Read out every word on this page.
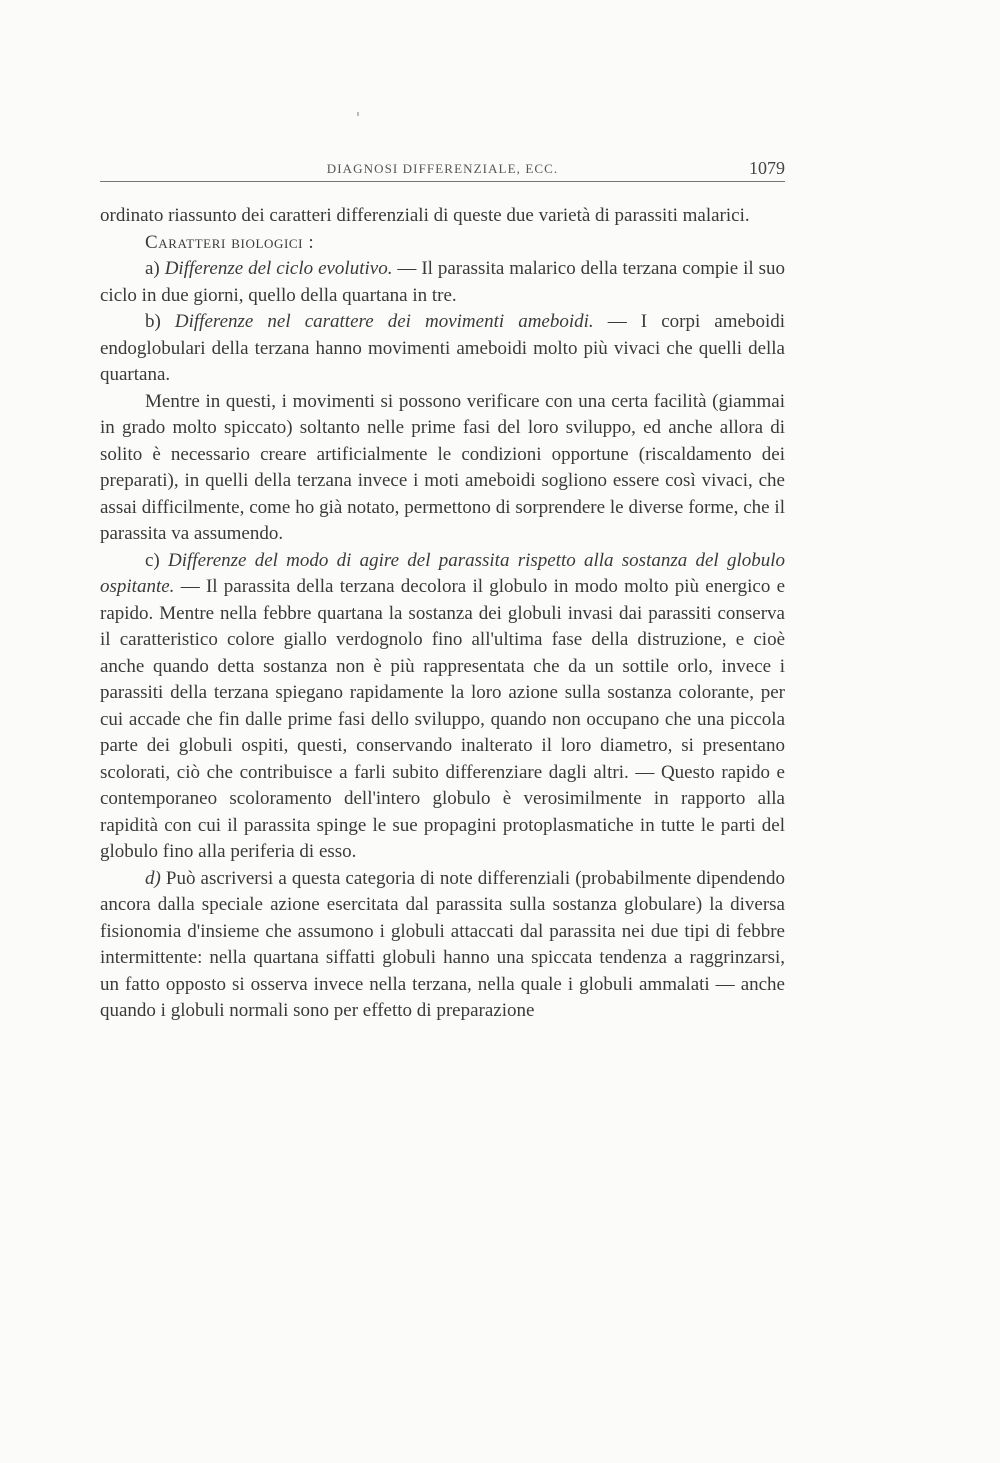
DIAGNOSI DIFFERENZIALE, ECC.	1079

ordinato riassunto dei caratteri differenziali di queste due varietà di parassiti malarici.

Caratteri biologici :

a) Differenze del ciclo evolutivo. — Il parassita malarico della terzana compie il suo ciclo in due giorni, quello della quartana in tre.

b) Differenze nel carattere dei movimenti ameboidi. — I corpi ameboidi endoglobulari della terzana hanno movimenti ameboidi molto più vivaci che quelli della quartana.

Mentre in questi, i movimenti si possono verificare con una certa facilità (giammai in grado molto spiccato) soltanto nelle prime fasi del loro sviluppo, ed anche allora di solito è necessario creare artificialmente le condizioni opportune (riscaldamento dei preparati), in quelli della terzana invece i moti ameboidi sogliono essere così vivaci, che assai difficilmente, come ho già notato, permettono di sorprendere le diverse forme, che il parassita va assumendo.

c) Differenze del modo di agire del parassita rispetto alla sostanza del globulo ospitante. — Il parassita della terzana decolora il globulo in modo molto più energico e rapido. Mentre nella febbre quartana la sostanza dei globuli invasi dai parassiti conserva il caratteristico colore giallo verdognolo fino all'ultima fase della distruzione, e cioè anche quando detta sostanza non è più rappresentata che da un sottile orlo, invece i parassiti della terzana spiegano rapidamente la loro azione sulla sostanza colorante, per cui accade che fin dalle prime fasi dello sviluppo, quando non occupano che una piccola parte dei globuli ospiti, questi, conservando inalterato il loro diametro, si presentano scolorati, ciò che contribuisce a farli subito differenziare dagli altri. — Questo rapido e contemporaneo scoloramento dell'intero globulo è verosimilmente in rapporto alla rapidità con cui il parassita spinge le sue propagini protoplasmatiche in tutte le parti del globulo fino alla periferia di esso.

d) Può ascriversi a questa categoria di note differenziali (probabilmente dipendendo ancora dalla speciale azione esercitata dal parassita sulla sostanza globulare) la diversa fisionomia d'insieme che assumono i globuli attaccati dal parassita nei due tipi di febbre intermittente: nella quartana siffatti globuli hanno una spiccata tendenza a raggrinzarsi, un fatto opposto si osserva invece nella terzana, nella quale i globuli ammalati — anche quando i globuli normali sono per effetto di preparazione
